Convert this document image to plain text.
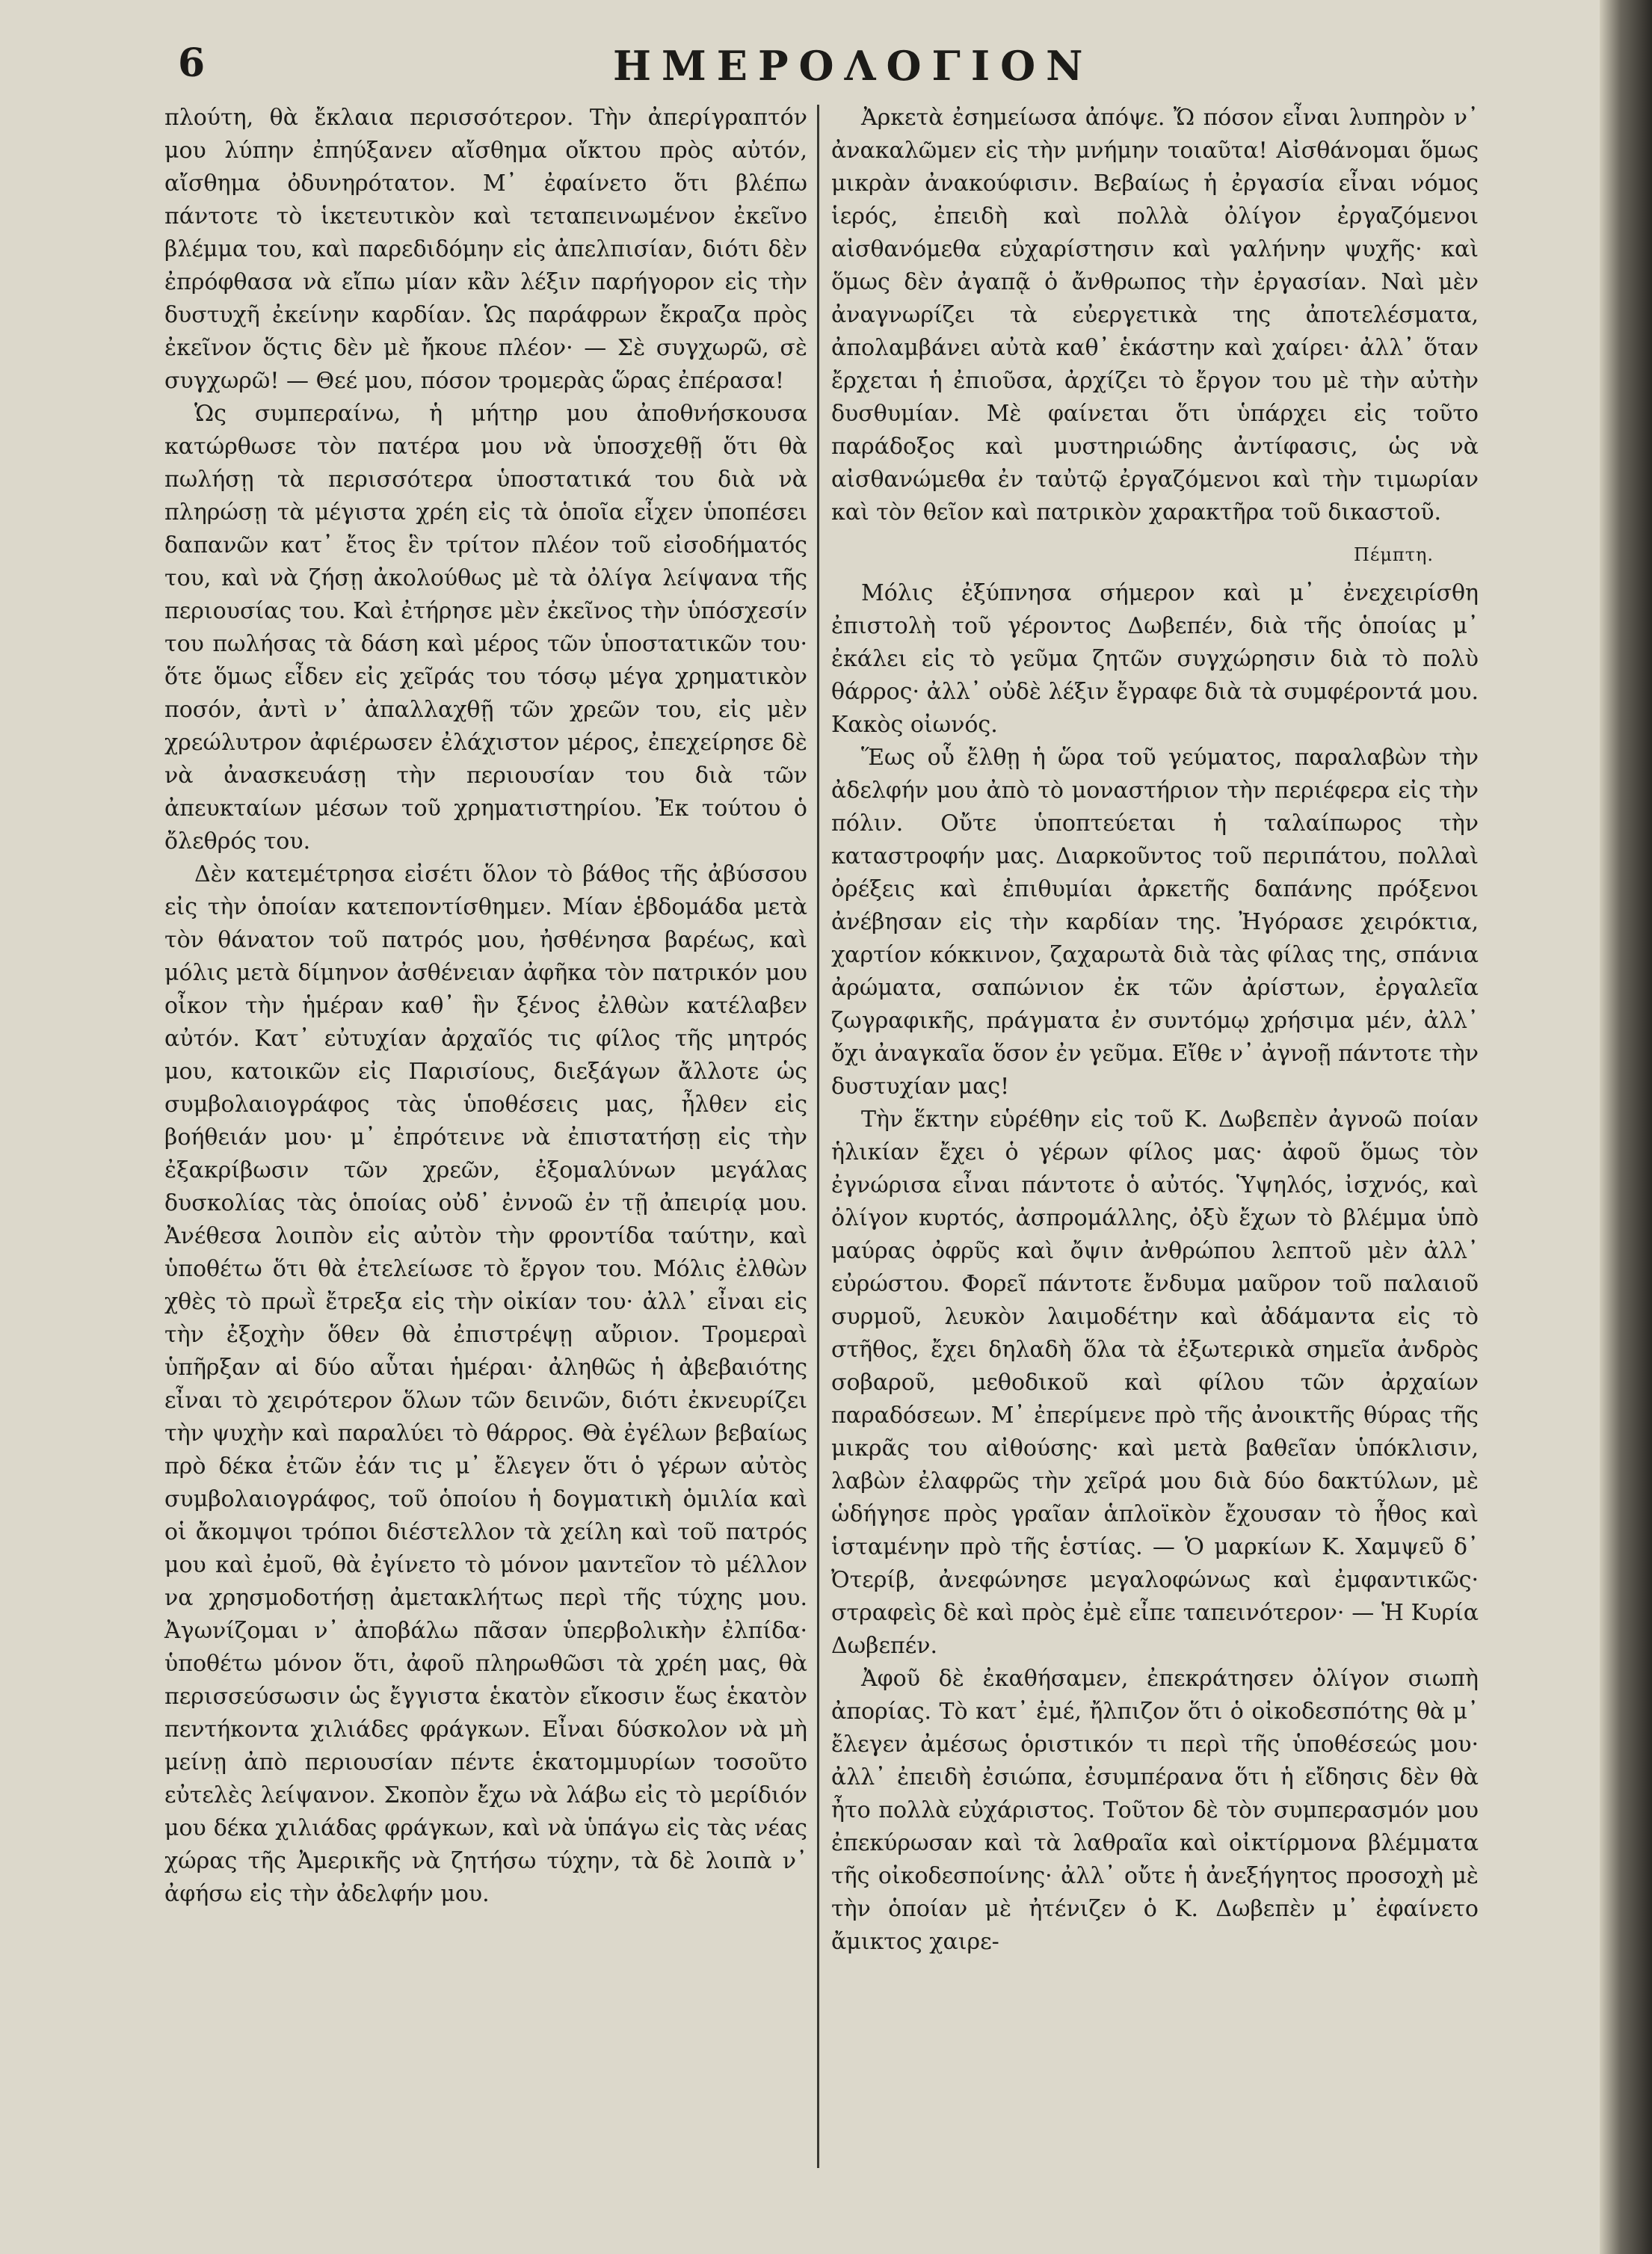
6	ΗΜΕΡΟΛΟΓΙΟΝ

πλούτη, θὰ ἔκλαια περισσότερον. Τὴν ἀπερίγραπτόν μου λύπην ἐπηύξανεν αἴσθημα οἴκτου πρὸς αὐτόν, αἴσθημα ὀδυνηρότατον. Μ᾿ ἐφαίνετο ὅτι βλέπω πάντοτε τὸ ἱκετευτικὸν καὶ τεταπεινωμένον ἐκεῖνο βλέμμα του, καὶ παρεδιδόμην εἰς ἀπελπισίαν, διότι δὲν ἐπρόφθασα νὰ εἴπω μίαν κἂν λέξιν παρήγορον εἰς τὴν δυστυχῆ ἐκείνην καρδίαν. Ὡς παράφρων ἔκραζα πρὸς ἐκεῖνον ὅςτις δὲν μὲ ἤκουε πλέον· — Σὲ συγχωρῶ, σὲ συγχωρῶ! — Θεέ μου, πόσον τρομερὰς ὥρας ἐπέρασα!

Ὡς συμπεραίνω, ἡ μήτηρ μου ἀποθνήσκουσα κατώρθωσε τὸν πατέρα μου νὰ ὑποσχεθῇ ὅτι θὰ πωλήσῃ τὰ περισσότερα ὑποστατικά του διὰ νὰ πληρώσῃ τὰ μέγιστα χρέη εἰς τὰ ὁποῖα εἶχεν ὑποπέσει δαπανῶν κατ᾿ ἔτος ἓν τρίτον πλέον τοῦ εἰσοδήματός του, καὶ νὰ ζήσῃ ἀκολούθως μὲ τὰ ὀλίγα λείψανα τῆς περιουσίας του. Καὶ ἐτήρησε μὲν ἐκεῖνος τὴν ὑπόσχεσίν του πωλήσας τὰ δάση καὶ μέρος τῶν ὑποστατικῶν του· ὅτε ὅμως εἶδεν εἰς χεῖράς του τόσῳ μέγα χρηματικὸν ποσόν, ἀντὶ ν᾿ ἀπαλλαχθῇ τῶν χρεῶν του, εἰς μὲν χρεώλυτρον ἀφιέρωσεν ἐλάχιστον μέρος, ἐπεχείρησε δὲ νὰ ἀνασκευάσῃ τὴν περιουσίαν του διὰ τῶν ἀπευκταίων μέσων τοῦ χρηματιστηρίου. Ἐκ τούτου ὁ ὄλεθρός του.

Δὲν κατεμέτρησα εἰσέτι ὅλον τὸ βάθος τῆς ἀβύσσου εἰς τὴν ὁποίαν κατεποντίσθημεν. Μίαν ἑβδομάδα μετὰ τὸν θάνατον τοῦ πατρός μου, ἠσθένησα βαρέως, καὶ μόλις μετὰ δίμηνον ἀσθένειαν ἀφῆκα τὸν πατρικόν μου οἶκον τὴν ἡμέραν καθ᾿ ἣν ξένος ἐλθὼν κατέλαβεν αὐτόν. Κατ᾿ εὐτυχίαν ἀρχαῖός τις φίλος τῆς μητρός μου, κατοικῶν εἰς Παρισίους, διεξάγων ἄλλοτε ὡς συμβολαιογράφος τὰς ὑποθέσεις μας, ἦλθεν εἰς βοήθειάν μου· μ᾿ ἐπρότεινε νὰ ἐπιστατήσῃ εἰς τὴν ἐξακρίβωσιν τῶν χρεῶν, ἐξομαλύνων μεγάλας δυσκολίας τὰς ὁποίας οὐδ᾿ ἐννοῶ ἐν τῇ ἀπειρίᾳ μου. Ἀνέθεσα λοιπὸν εἰς αὐτὸν τὴν φροντίδα ταύτην, καὶ ὑποθέτω ὅτι θὰ ἐτελείωσε τὸ ἔργον του. Μόλις ἐλθὼν χθὲς τὸ πρωῒ ἔτρεξα εἰς τὴν οἰκίαν του· ἀλλ᾿ εἶναι εἰς τὴν ἐξοχὴν ὅθεν θὰ ἐπιστρέψῃ αὔριον. Τρομεραὶ ὑπῆρξαν αἱ δύο αὗται ἡμέραι· ἀληθῶς ἡ ἀβεβαιότης εἶναι τὸ χειρότερον ὅλων τῶν δεινῶν, διότι ἐκνευρίζει τὴν ψυχὴν καὶ παραλύει τὸ θάρρος. Θὰ ἐγέλων βεβαίως πρὸ δέκα ἐτῶν ἐάν τις μ᾿ ἔλεγεν ὅτι ὁ γέρων αὐτὸς συμβολαιογράφος, τοῦ ὁποίου ἡ δογματικὴ ὁμιλία καὶ οἱ ἄκομψοι τρόποι διέστελλον τὰ χείλη καὶ τοῦ πατρός μου καὶ ἐμοῦ, θὰ ἐγίνετο τὸ μόνον μαντεῖον τὸ μέλλον να χρησμοδοτήσῃ ἀμετακλήτως περὶ τῆς τύχης μου. Ἀγωνίζομαι ν᾿ ἀποβάλω πᾶσαν ὑπερβολικὴν ἐλπίδα· ὑποθέτω μόνον ὅτι, ἀφοῦ πληρωθῶσι τὰ χρέη μας, θὰ περισσεύσωσιν ὡς ἔγγιστα ἑκατὸν εἴκοσιν ἕως ἑκατὸν πεντήκοντα χιλιάδες φράγκων. Εἶναι δύσκολον νὰ μὴ μείνῃ ἀπὸ περιουσίαν πέντε ἑκατομμυρίων τοσοῦτο εὐτελὲς λείψανον. Σκοπὸν ἔχω νὰ λάβω εἰς τὸ μερίδιόν μου δέκα χιλιάδας φράγκων, καὶ νὰ ὑπάγω εἰς τὰς νέας χώρας τῆς Ἀμερικῆς νὰ ζητήσω τύχην, τὰ δὲ λοιπὰ ν᾿ ἀφήσω εἰς τὴν ἀδελφήν μου.

Ἀρκετὰ ἐσημείωσα ἀπόψε. Ὤ πόσον εἶναι λυπηρὸν ν᾿ ἀνακαλῶμεν εἰς τὴν μνήμην τοιαῦτα! Αἰσθάνομαι ὅμως μικρὰν ἀνακούφισιν. Βεβαίως ἡ ἐργασία εἶναι νόμος ἱερός, ἐπειδὴ καὶ πολλὰ ὀλίγον ἐργαζόμενοι αἰσθανόμεθα εὐχαρίστησιν καὶ γαλήνην ψυχῆς· καὶ ὅμως δὲν ἀγαπᾷ ὁ ἄνθρωπος τὴν ἐργασίαν. Ναὶ μὲν ἀναγνωρίζει τὰ εὐεργετικὰ της ἀποτελέσματα, ἀπολαμβάνει αὐτὰ καθ᾿ ἑκάστην καὶ χαίρει· ἀλλ᾿ ὅταν ἔρχεται ἡ ἐπιοῦσα, ἀρχίζει τὸ ἔργον του μὲ τὴν αὐτὴν δυσθυμίαν. Μὲ φαίνεται ὅτι ὑπάρχει εἰς τοῦτο παράδοξος καὶ μυστηριώδης ἀντίφασις, ὡς νὰ αἰσθανώμεθα ἐν ταὐτῷ ἐργαζόμενοι καὶ τὴν τιμωρίαν καὶ τὸν θεῖον καὶ πατρικὸν χαρακτῆρα τοῦ δικαστοῦ.

Πέμπτη.

Μόλις ἐξύπνησα σήμερον καὶ μ᾿ ἐνεχειρίσθη ἐπιστολὴ τοῦ γέροντος Δωβεπέν, διὰ τῆς ὁποίας μ᾿ ἐκάλει εἰς τὸ γεῦμα ζητῶν συγχώρησιν διὰ τὸ πολὺ θάρρος· ἀλλ᾿ οὐδὲ λέξιν ἔγραφε διὰ τὰ συμφέροντά μου. Κακὸς οἰωνός.

Ἕως οὗ ἔλθῃ ἡ ὥρα τοῦ γεύματος, παραλαβὼν τὴν ἀδελφήν μου ἀπὸ τὸ μοναστήριον τὴν περιέφερα εἰς τὴν πόλιν. Οὔτε ὑποπτεύεται ἡ ταλαίπωρος τὴν καταστροφήν μας. Διαρκοῦντος τοῦ περιπάτου, πολλαὶ ὀρέξεις καὶ ἐπιθυμίαι ἀρκετῆς δαπάνης πρόξενοι ἀνέβησαν εἰς τὴν καρδίαν της. Ἠγόρασε χειρόκτια, χαρτίον κόκκινον, ζαχαρωτὰ διὰ τὰς φίλας της, σπάνια ἀρώματα, σαπώνιον ἐκ τῶν ἀρίστων, ἐργαλεῖα ζωγραφικῆς, πράγματα ἐν συντόμῳ χρήσιμα μέν, ἀλλ᾿ ὄχι ἀναγκαῖα ὅσον ἐν γεῦμα. Εἴθε ν᾿ ἀγνοῇ πάντοτε τὴν δυστυχίαν μας!

Τὴν ἕκτην εὑρέθην εἰς τοῦ Κ. Δωβεπὲν ἀγνοῶ ποίαν ἡλικίαν ἔχει ὁ γέρων φίλος μας· ἀφοῦ ὅμως τὸν ἐγνώρισα εἶναι πάντοτε ὁ αὐτός. Ὑψηλός, ἰσχνός, καὶ ὀλίγον κυρτός, ἀσπρομάλλης, ὀξὺ ἔχων τὸ βλέμμα ὑπὸ μαύρας ὀφρῦς καὶ ὄψιν ἀνθρώπου λεπτοῦ μὲν ἀλλ᾿ εὐρώστου. Φορεῖ πάντοτε ἔνδυμα μαῦρον τοῦ παλαιοῦ συρμοῦ, λευκὸν λαιμοδέτην καὶ ἀδάμαντα εἰς τὸ στῆθος, ἔχει δηλαδὴ ὅλα τὰ ἐξωτερικὰ σημεῖα ἀνδρὸς σοβαροῦ, μεθοδικοῦ καὶ φίλου τῶν ἀρχαίων παραδόσεων. Μ᾿ ἐπερίμενε πρὸ τῆς ἀνοικτῆς θύρας τῆς μικρᾶς του αἰθούσης· καὶ μετὰ βαθεῖαν ὑπόκλισιν, λαβὼν ἐλαφρῶς τὴν χεῖρά μου διὰ δύο δακτύλων, μὲ ὡδήγησε πρὸς γραῖαν ἁπλοϊκὸν ἔχουσαν τὸ ἦθος καὶ ἱσταμένην πρὸ τῆς ἑστίας. — Ὁ μαρκίων Κ. Χαμψεῦ δ᾿ Ὀτερίβ, ἀνεφώνησε μεγαλοφώνως καὶ ἐμφαντικῶς· στραφεὶς δὲ καὶ πρὸς ἐμὲ εἶπε ταπεινότερον· — Ἡ Κυρία Δωβεπέν.

Ἀφοῦ δὲ ἐκαθήσαμεν, ἐπεκράτησεν ὀλίγον σιωπὴ ἀπορίας. Τὸ κατ᾿ ἐμέ, ἤλπιζον ὅτι ὁ οἰκοδεσπότης θὰ μ᾿ ἔλεγεν ἀμέσως ὁριστικόν τι περὶ τῆς ὑποθέσεώς μου· ἀλλ᾿ ἐπειδὴ ἐσιώπα, ἐσυμπέρανα ὅτι ἡ εἴδησις δὲν θὰ ἦτο πολλὰ εὐχάριστος. Τοῦτον δὲ τὸν συμπερασμόν μου ἐπεκύρωσαν καὶ τὰ λαθραῖα καὶ οἰκτίρμονα βλέμματα τῆς οἰκοδεσποίνης· ἀλλ᾿ οὔτε ἡ ἀνεξήγητος προσοχὴ μὲ τὴν ὁποίαν μὲ ἠτένιζεν ὁ Κ. Δωβεπὲν μ᾿ ἐφαίνετο ἄμικτος χαιρε-
